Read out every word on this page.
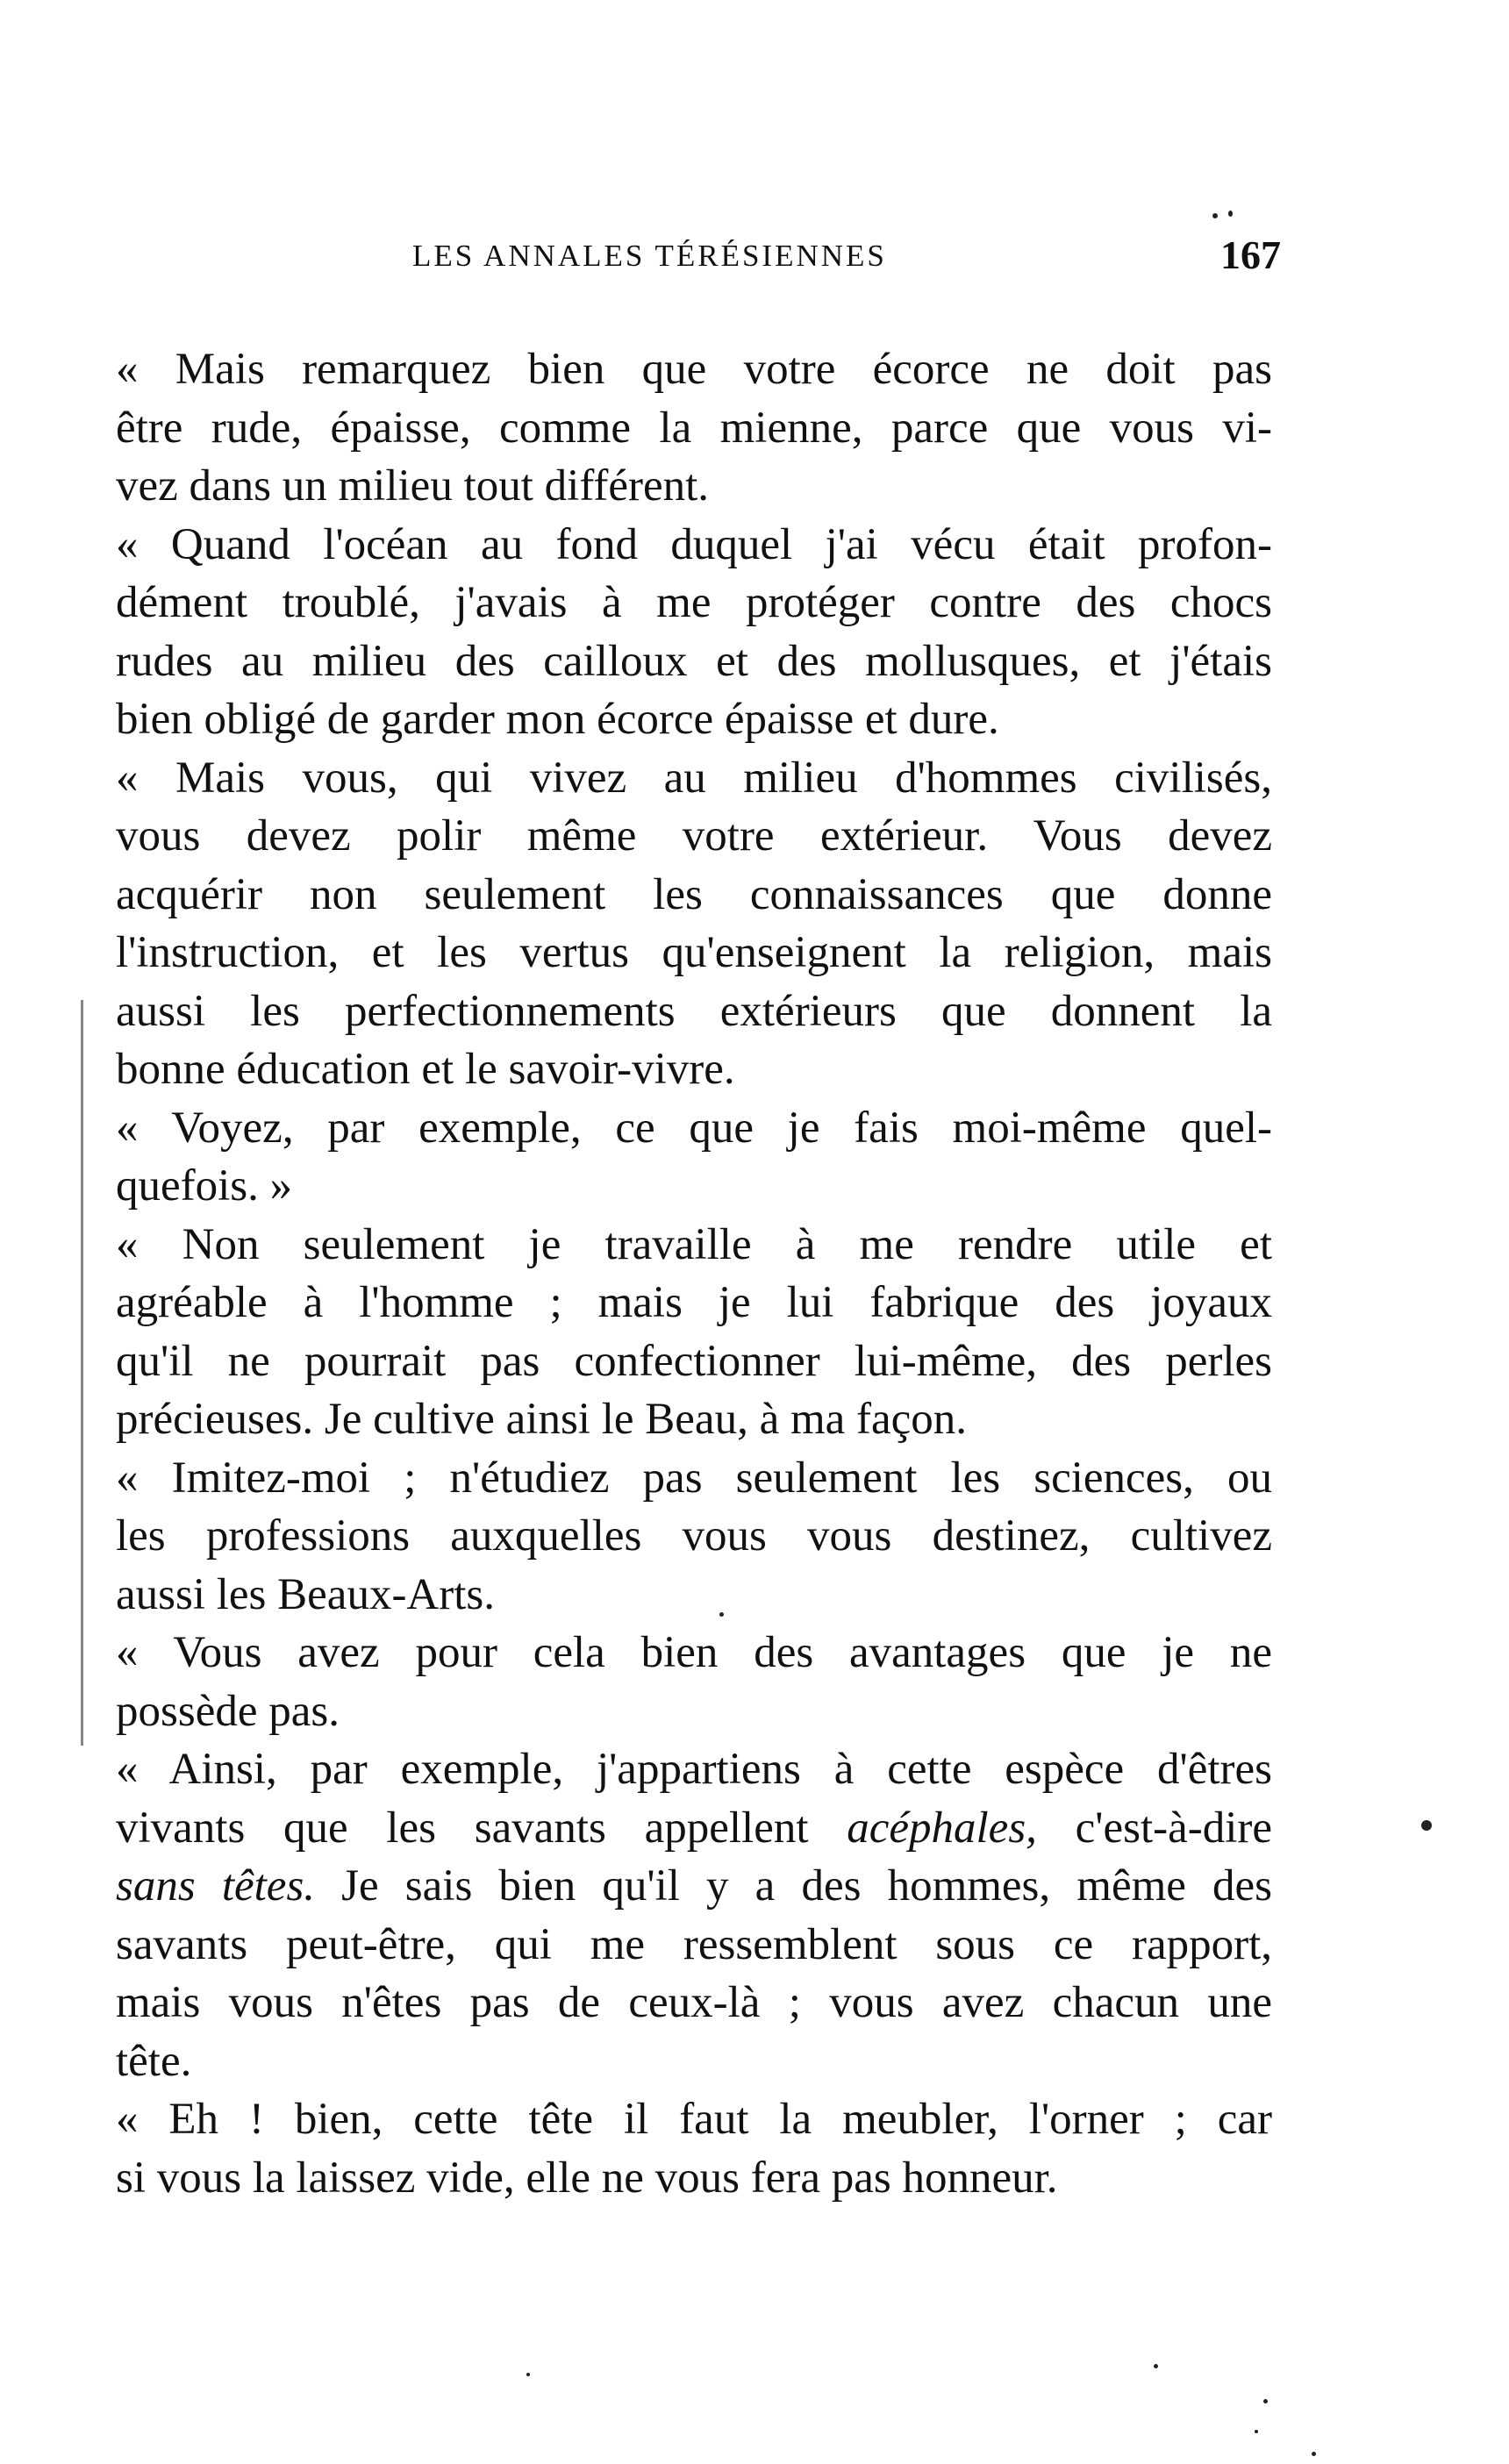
LES ANNALES TÉRÉSIENNES	167
« Mais remarquez bien que votre écorce ne doit pas
être rude, épaisse, comme la mienne, parce que vous vi-
vez dans un milieu tout différent.
« Quand l'océan au fond duquel j'ai vécu était profon-
dément troublé, j'avais à me protéger contre des chocs
rudes au milieu des cailloux et des mollusques, et j'étais
bien obligé de garder mon écorce épaisse et dure.
« Mais vous, qui vivez au milieu d'hommes civilisés,
vous devez polir même votre extérieur. Vous devez
acquérir non seulement les connaissances que donne
l'instruction, et les vertus qu'enseignent la religion, mais
aussi les perfectionnements extérieurs que donnent la
bonne éducation et le savoir-vivre.
« Voyez, par exemple, ce que je fais moi-même quel-
quefois. »
« Non seulement je travaille à me rendre utile et
agréable à l'homme ; mais je lui fabrique des joyaux
qu'il ne pourrait pas confectionner lui-même, des perles
précieuses. Je cultive ainsi le Beau, à ma façon.
« Imitez-moi ; n'étudiez pas seulement les sciences, ou
les professions auxquelles vous vous destinez, cultivez
aussi les Beaux-Arts.
« Vous avez pour cela bien des avantages que je ne
possède pas.
« Ainsi, par exemple, j'appartiens à cette espèce d'êtres
vivants que les savants appellent acéphales, c'est-à-dire
sans têtes. Je sais bien qu'il y a des hommes, même des
savants peut-être, qui me ressemblent sous ce rapport,
mais vous n'êtes pas de ceux-là ; vous avez chacun une
tête.
« Eh ! bien, cette tête il faut la meubler, l'orner ; car
si vous la laissez vide, elle ne vous fera pas honneur.
